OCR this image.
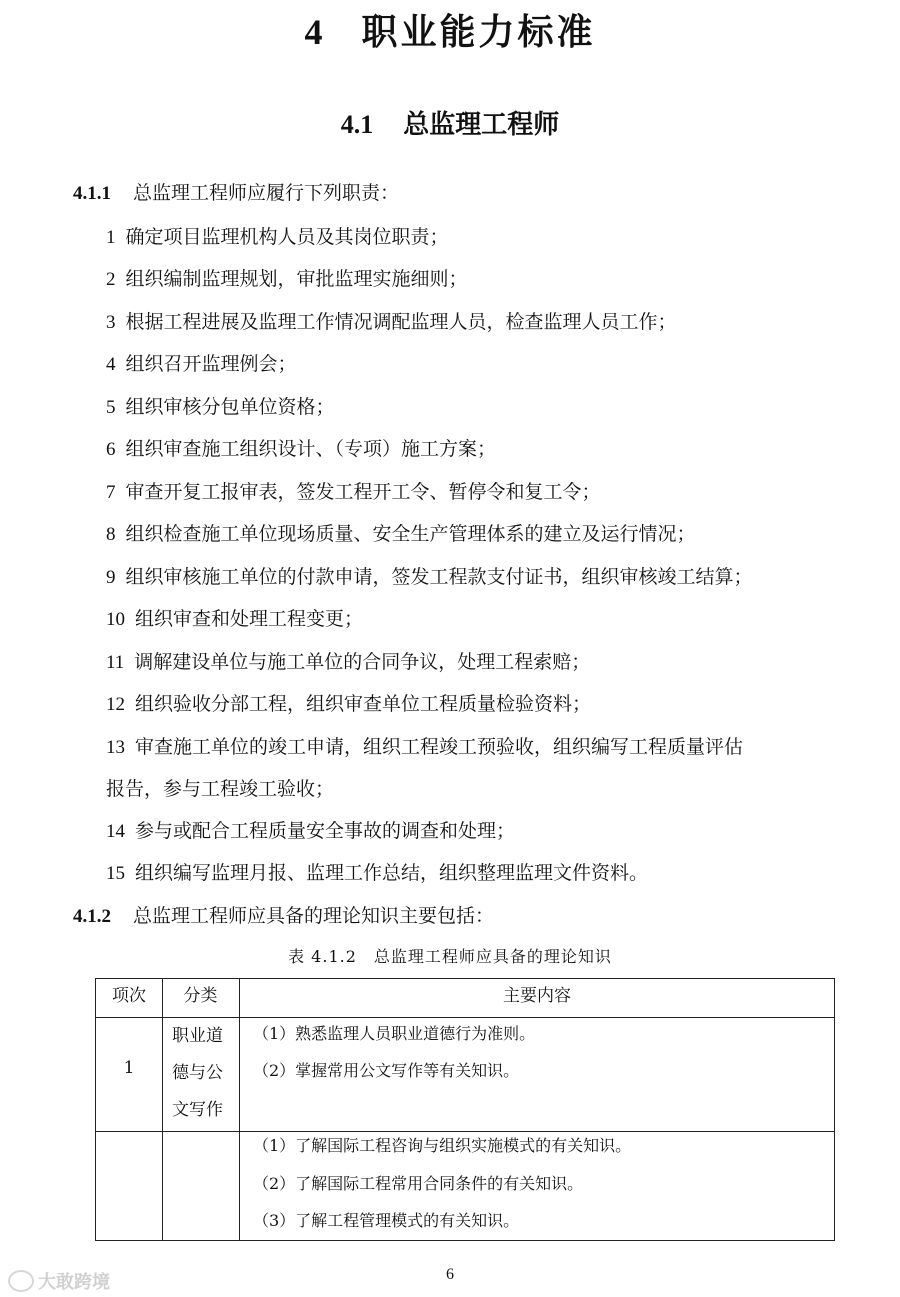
4 职业能力标准
4.1 总监理工程师
4.1.1 总监理工程师应履行下列职责：
1 确定项目监理机构人员及其岗位职责；
2 组织编制监理规划，审批监理实施细则；
3 根据工程进展及监理工作情况调配监理人员，检查监理人员工作；
4 组织召开监理例会；
5 组织审核分包单位资格；
6 组织审查施工组织设计、（专项）施工方案；
7 审查开复工报审表，签发工程开工令、暂停令和复工令；
8 组织检查施工单位现场质量、安全生产管理体系的建立及运行情况；
9 组织审核施工单位的付款申请，签发工程款支付证书，组织审核竣工结算；
10 组织审查和处理工程变更；
11 调解建设单位与施工单位的合同争议，处理工程索赔；
12 组织验收分部工程，组织审查单位工程质量检验资料；
13 审查施工单位的竣工申请，组织工程竣工预验收，组织编写工程质量评估
报告，参与工程竣工验收；
14 参与或配合工程质量安全事故的调查和处理；
15 组织编写监理月报、监理工作总结，组织整理监理文件资料。
4.1.2 总监理工程师应具备的理论知识主要包括：
表 4.1.2　总监理工程师应具备的理论知识
项次	分类	主要内容
1
职业道
德与公
文写作
（1）熟悉监理人员职业道德行为准则。
（2）掌握常用公文写作等有关知识。
（1）了解国际工程咨询与组织实施模式的有关知识。
（2）了解国际工程常用合同条件的有关知识。
（3）了解工程管理模式的有关知识。
6
大敢跨境
